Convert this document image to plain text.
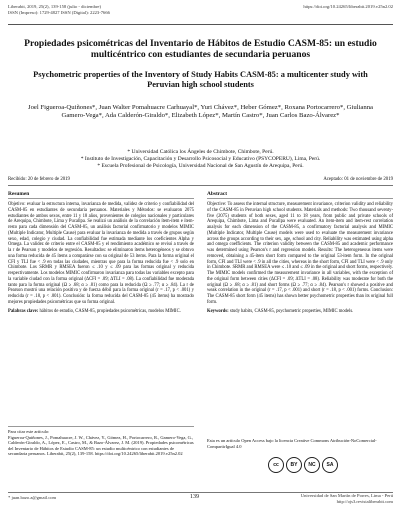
Liberabit, 2019, 25(2), 139-158 (julio - diciembre)
ISSN (Impreso): 1729-4827 ISSN (Digital): 2223-7666
https://doi.org/10.24265/liberabit.2019.v25n2.02
Propiedades psicométricas del Inventario de Hábitos de Estudio CASM-85: un estudio multicéntrico con estudiantes de secundaria peruanos
Psychometric properties of the Inventory of Study Habits CASM-85: a multicenter study with Peruvian high school students
Joel Figueroa-Quiñones*, Juan Walter Pomahuacre Carhuayal*, Yuri Chávez*, Heber Gómez*, Roxana Portocarrero*, Giulianna Gamero-Vega*, Ada Calderón-Giraldo*, Elizabeth López*, Martín Castro*, Juan Carlos Bazo-Álvarez*
* Universidad Católica los Ángeles de Chimbote, Chimbote, Perú.
* Instituto de Investigación, Capacitación y Desarrollo Psicosocial y Educativo (PSYCOPERU), Lima, Perú.
* Escuela Profesional de Psicología, Universidad Nacional de San Agustín de Arequipa, Perú.
Recibido: 20 de febrero de 2019	Aceptado: 01 de noviembre de 2019
Resumen
Objetivo: evaluar la estructura interna, invarianza de medida, validez de criterio y confiabilidad del CASM-85 en estudiantes de secundaria peruanos. Materiales y Métodos: se evaluaron 2075 estudiantes de ambos sexos, entre 11 y 18 años, provenientes de colegios nacionales y particulares de Arequipa, Chimbote, Lima y Pucallpa. Se realizó un análisis de la correlación ítem-ítem e ítem-resto para cada dimensión del CASM-85, un análisis factorial confirmatorio y modelos MIMIC (Multiple Indicator, Multiple Cause) para evaluar la invarianza de medida a través de grupos según sexo, edad, colegio y ciudad. La confiabilidad fue estimada mediante los coeficientes Alpha y Omega. La validez de criterio entre el CASM-85 y el rendimiento académico se revisó a través de la r de Pearson y modelos de regresión. Resultados: se eliminaron ítems heterogéneos y se obtuvo una forma reducida de 45 ítems a comparárse con su original de 53 ítems. Para la forma original el CFI y TLI fue < .9 en todas las ciudades, mientras que para la forma reducida fue < .9 solo en Chimbote. Los SRMR y RMSEA fueron ≤ .10 y ≤ .09 para las formas original y reducida respectivamente. Los modelos MIMIC confirmaron invarianza para todas las variables excepto para la variable ciudad con la forma original (ΔCFI = .09; ΔTLI = .08). La confiabilidad fue moderada tanto para la forma original (Ω ≥ .68; α ≥ .81) como para la reducida (Ω ≥ .77; α ≥ .84). La r de Pearson mostró una relación positiva y de fuerza débil para la forma original (r = .17, p < .001) y reducida (r = .18, p < .001). Conclusión: la forma reducida del CASM-85 (45 ítems) ha mostrado mejores propiedades psicométricas que su forma original.
Palabras clave: hábitos de estudio, CASM-85, propiedades psicométricas, modelos MIMIC.
Abstract
Objective: To assess the internal structure, measurement invariance, criterion validity and reliability of the CASM-85 in Peruvian high school students. Materials and methods: Two thousand seventy-five (2075) students of both sexes, aged 11 to 18 years, from public and private schools of Arequipa, Chimbote, Lima and Pucallpa were evaluated. An item-item and item-rest correlation analysis for each dimension of the CASM-85, a confirmatory factorial analysis and MIMIC (Multiple Indicator, Multiple Cause) models were used to evaluate the measurement invariance across the groups according to their sex, age, school and city. Reliability was estimated using alpha and omega coefficients. The criterion validity between the CASM-85 and academic performance was determined using Pearson's r and regression models. Results: The heterogeneous items were removed, obtaining a 45-item short form compared to the original 53-item form. In the original form, CFI and TLI were < .9 in all the cities, whereas in the short form, CFI and TLI were < .9 only in Chimbote. SRMR and RMSEA were ≤ .10 and ≤ .09 in the original and short forms, respectively. The MIMIC models confirmed the measurement invariance in all variables, with the exception of the original form between cities (ΔCFI = .09; ΔTLI = .08). Reliability was moderate for both the original (Ω ≥ .68; α ≥ .81) and short forms (Ω ≥ .77; α ≥ .84). Pearson's r showed a positive and weak correlation in the original (r = .17, p < .001) and short (r = .18, p < .001) forms. Conclusion: The CASM-85 short form (45 items) has shown better psychometric properties than its original full form.
Keywords: study habits, CASM-85, psychometric properties, MIMIC models.
Para citar este artículo:
Figueroa-Quiñones, J., Pomahuacre, J. W., Chávez, Y., Gómez, H., Portocarrero, R., Gamero-Vega, G., Calderón-Giraldo, A., López, E., Castro, M., & Bazo-Álvarez, J. M. (2019). Propiedades psicométricas del Inventario de Hábitos de Estudio CASM-85: un estudio multicéntrico con estudiantes de secundaria peruanos. Liberabit, 25(2), 139-158. https://doi.org/10.24265/liberabit.2019.v25n2.02
Esta es un artículo Open Access bajo la licencia Creative Commons Atribución-NoComercial-CompartirIgual 4.0
cc	BY	NC	SA
* juan.bazo.a@gmail.com	139	Universidad de San Martín de Porres, Lima - Perú
http://ojs3.revistaliberabit.com
